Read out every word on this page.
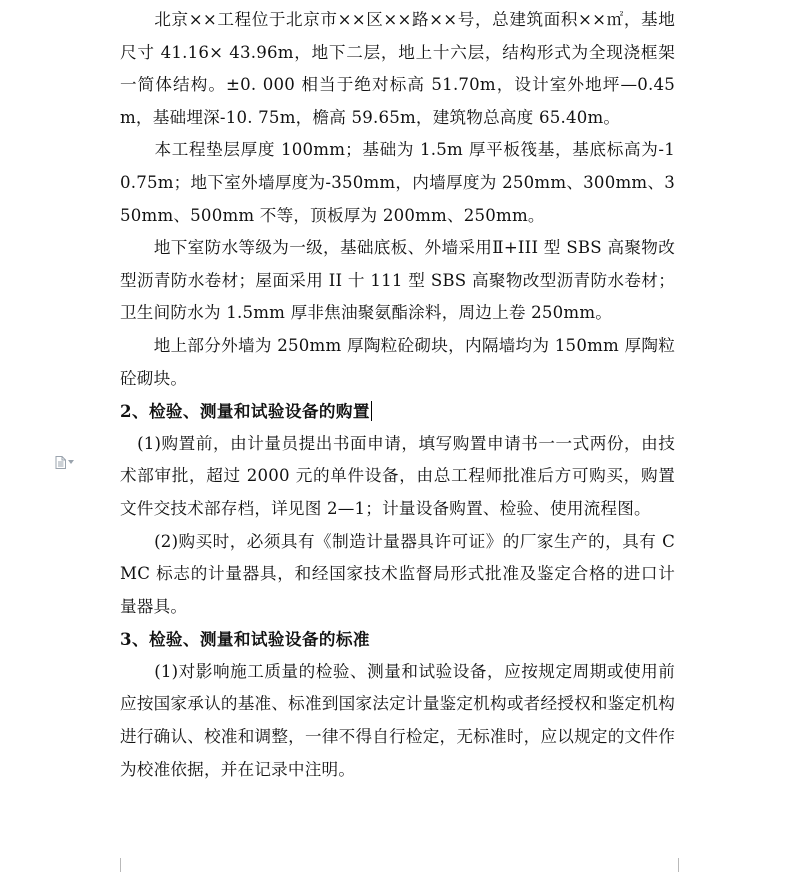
　　北京××工程位于北京市××区××路××号，总建筑面积××㎡，基地尺寸 41.16× 43.96m，地下二层，地上十六层，结构形式为全现浇框架一简体结构。±0. 000 相当于绝对标高 51.70m，设计室外地坪—0.45m，基础埋深-10. 75m，檐高 59.65m，建筑物总高度 65.40m。

　　本工程垫层厚度 100mm；基础为 1.5m 厚平板筏基，基底标高为-10.75m；地下室外墙厚度为-350mm，内墙厚度为 250mm、300mm、350mm、500mm 不等，顶板厚为 200mm、250mm。

　　地下室防水等级为一级，基础底板、外墙采用Ⅱ+III 型 SBS 高聚物改型沥青防水卷材；屋面采用 II 十 111 型 SBS 高聚物改型沥青防水卷材；卫生间防水为 1.5mm 厚非焦油聚氨酯涂料，周边上卷 250mm。

　　地上部分外墙为 250mm 厚陶粒砼砌块，内隔墙均为 150mm 厚陶粒砼砌块。

2、检验、测量和试验设备的购置

　(1)购置前，由计量员提出书面申请，填写购置申请书一一式两份，由技术部审批，超过 2000 元的单件设备，由总工程师批准后方可购买，购置文件交技术部存档，详见图 2—1；计量设备购置、检验、使用流程图。

　　(2)购买时，必须具有《制造计量器具许可证》的厂家生产的，具有 CMC 标志的计量器具，和经国家技术监督局形式批准及鉴定合格的进口计量器具。

3、检验、测量和试验设备的标准

　　(1)对影响施工质量的检验、测量和试验设备，应按规定周期或使用前应按国家承认的基准、标准到国家法定计量鉴定机构或者经授权和鉴定机构进行确认、校准和调整，一律不得自行检定，无标准时，应以规定的文件作为校准依据，并在记录中注明。
